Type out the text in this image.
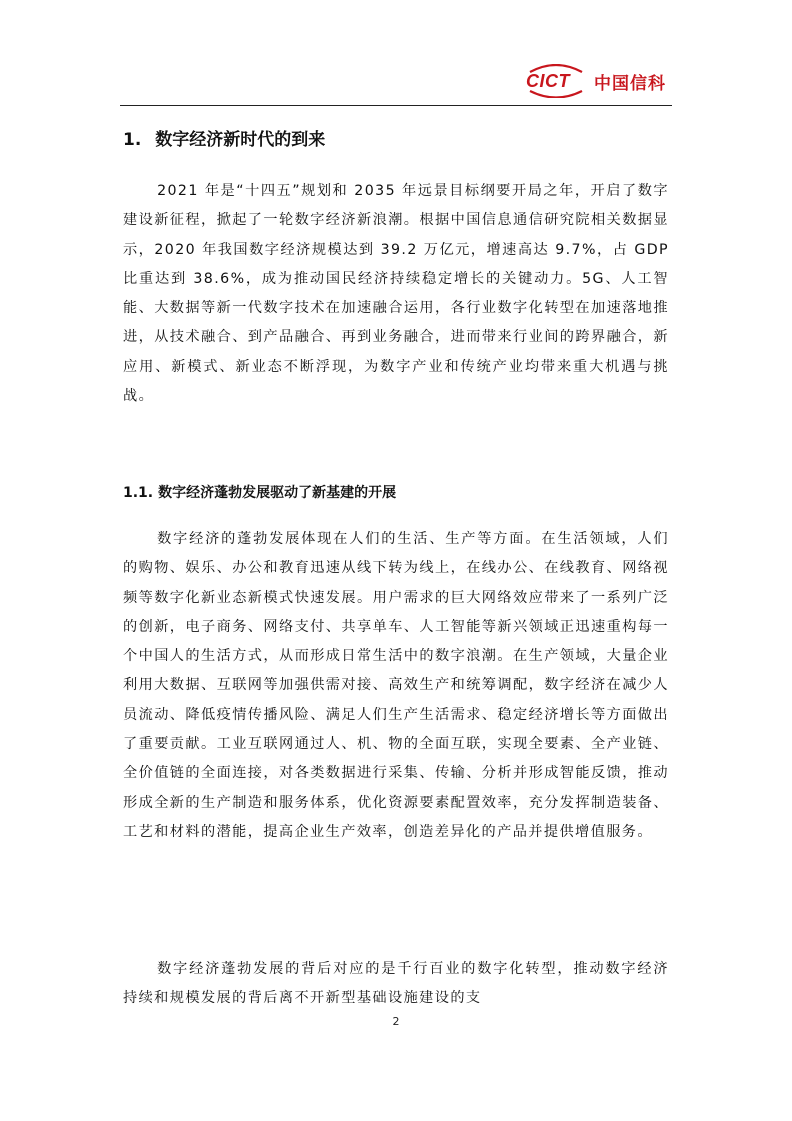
CICT 中国信科
1. 数字经济新时代的到来

2021 年是“十四五”规划和 2035 年远景目标纲要开局之年，开启了数字建设新征程，掀起了一轮数字经济新浪潮。根据中国信息通信研究院相关数据显示，2020 年我国数字经济规模达到 39.2 万亿元，增速高达 9.7%，占 GDP 比重达到 38.6%，成为推动国民经济持续稳定增长的关键动力。5G、人工智能、大数据等新一代数字技术在加速融合运用，各行业数字化转型在加速落地推进，从技术融合、到产品融合、再到业务融合，进而带来行业间的跨界融合，新应用、新模式、新业态不断浮现，为数字产业和传统产业均带来重大机遇与挑战。

1.1. 数字经济蓬勃发展驱动了新基建的开展

数字经济的蓬勃发展体现在人们的生活、生产等方面。在生活领域，人们的购物、娱乐、办公和教育迅速从线下转为线上，在线办公、在线教育、网络视频等数字化新业态新模式快速发展。用户需求的巨大网络效应带来了一系列广泛的创新，电子商务、网络支付、共享单车、人工智能等新兴领域正迅速重构每一个中国人的生活方式，从而形成日常生活中的数字浪潮。在生产领域，大量企业利用大数据、互联网等加强供需对接、高效生产和统筹调配，数字经济在减少人员流动、降低疫情传播风险、满足人们生产生活需求、稳定经济增长等方面做出了重要贡献。工业互联网通过人、机、物的全面互联，实现全要素、全产业链、全价值链的全面连接，对各类数据进行采集、传输、分析并形成智能反馈，推动形成全新的生产制造和服务体系，优化资源要素配置效率，充分发挥制造装备、工艺和材料的潜能，提高企业生产效率，创造差异化的产品并提供增值服务。

数字经济蓬勃发展的背后对应的是千行百业的数字化转型，推动数字经济持续和规模发展的背后离不开新型基础设施建设的支

2
